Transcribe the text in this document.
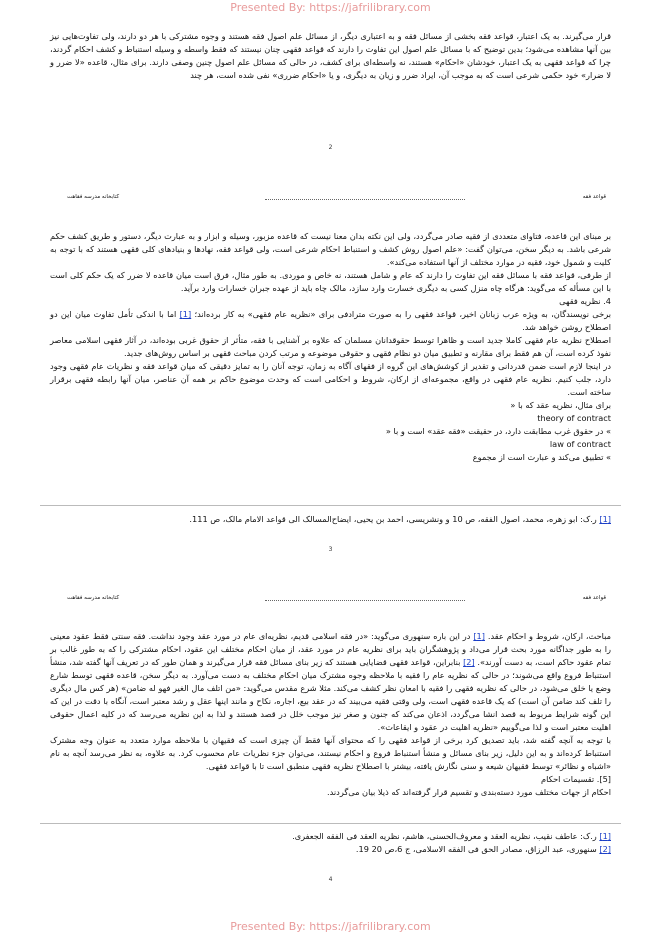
Presented By: https://jafrilibrary.com

قرار می‌گیرند. به یک اعتبار، قواعد فقه بخشی از مسائل فقه و به اعتباری دیگر، از مسائل علم اصول فقه هستند و وجوه مشترکی با هر دو دارند، ولی تفاوت‌هایی نیز بین آنها مشاهده می‌شود؛ بدین توضیح که با مسائل علم اصول این تفاوت را دارند که قواعد فقهی چنان نیستند که فقط واسطه و وسیله استنباط و کشف احکام گردند، چرا که قواعد فقهی به یک اعتبار، خودشان «احکام» هستند، نه واسطه‌ای برای کشف، در حالی که مسائل علم اصول چنین وصفی دارند. برای مثال، قاعده «لا ضرر و لا ضرار» خود حکمی شرعی است که به موجب آن، ایراد ضرر و زیان به دیگری، و یا «احکام ضرری» نفی شده است، هر چند

2
قواعد فقه
کتابخانه مدرسه فقاهت

بر مبنای این قاعده، فتاوای متعددی از فقیه صادر می‌گردد، ولی این نکته بدان معنا نیست که قاعده مزبور، وسیله و ابزار و به عبارت دیگر، دستور و طریق کشف حکم شرعی باشد. به دیگر سخن، می‌توان گفت: «علم اصول روش کشف و استنباط احکام شرعی است، ولی قواعد فقه، نهادها و بنیادهای کلی فقهی هستند که با توجه به کلیت و شمول خود، فقیه در موارد مختلف از آنها استفاده می‌کند».

از طرفی، قواعد فقه با مسائل فقه این تفاوت را دارند که عام و شامل هستند، نه خاص و موردی. به طور مثال، فرق است میان قاعده لا ضرر که یک حکم کلی است با این مسأله که می‌گوید: هرگاه چاه منزل کسی به دیگری خسارت وارد سازد، مالک چاه باید از عهده جبران خسارات وارد برآید.

4. نظریه فقهی

برخی نویسندگان، به ویژه عرب زبانان اخیر، قواعد فقهی را به صورت مترادفی برای «نظریه عام فقهی» به کار برده‌اند؛ [1] اما با اندکی تأمل تفاوت میان این دو اصطلاح روشن خواهد شد.

اصطلاح نظریه عام فقهی کاملا جدید است و ظاهرا توسط حقوقدانان مسلمان که علاوه بر آشنایی با فقه، متأثر از حقوق غربی بوده‌اند، در آثار فقهی اسلامی معاصر نفوذ کرده است، آن هم فقط برای مقارنه و تطبیق میان دو نظام فقهی و حقوقی موضوعه و مرتب کردن مباحث فقهی بر اساس روش‌های جدید.

در اینجا لازم است ضمن قدردانی و تقدیر از کوشش‌های این گروه از فقهای آگاه به زمان، توجه آنان را به تمایز دقیقی که میان قواعد فقه و نظریات عام فقهی وجود دارد، جلب کنیم. نظریه عام فقهی در واقع، مجموعه‌ای از ارکان، شروط و احکامی است که وحدت موضوع حاکم بر همه آن عناصر، میان آنها رابطه فقهی برقرار ساخته است.

برای مثال، نظریه عقد که با «

theory of contract

» در حقوق غرب مطابقت دارد، در حقیقت «فقه عقد» است و با «

law of contract

» تطبیق می‌کند و عبارت است از مجموع

[1] ر.ک: ابو زهره، محمد، اصول الفقه، ص 10 و ونشریسی، احمد بن یحیی، ایضاح‌المسالک الی قواعد الامام مالک، ص 111.

3
قواعد فقه
کتابخانه مدرسه فقاهت

مباحث، ارکان، شروط و احکام عقد. [1] در این باره سنهوری می‌گوید: «در فقه اسلامی قدیم، نظریه‌ای عام در مورد عقد وجود نداشت. فقه سنتی فقط عقود معینی را به طور جداگانه مورد بحث قرار می‌داد و پژوهشگران باید برای نظریه عام در مورد عقد، از میان احکام مختلف این عقود، احکام مشترکی را که به طور غالب بر تمام عقود حاکم است، به دست آورند». [2] بنابراین، قواعد فقهی قضایایی هستند که زیر بنای مسائل فقه قرار می‌گیرند و همان طور که در تعریف آنها گفته شد، منشأ استنباط فروع واقع می‌شوند؛ در حالی که نظریه عام را فقیه با ملاحظه وجوه مشترک میان احکام مختلف به دست می‌آورد. به دیگر سخن، قاعده فقهی توسط شارع وضع یا خلق می‌شود، در حالی که نظریه فقهی را فقیه با امعان نظر کشف می‌کند. مثلا شرع مقدس می‌گوید: «من اتلف مال الغیر فهو له ضامن» (هر کس مال دیگری را تلف کند ضامن آن است) که یک قاعده فقهی است، ولی وقتی فقیه می‌بیند که در عقد بیع، اجاره، نکاح و مانند اینها عقل و رشد معتبر است، آنگاه با دقت در این که این گونه شرایط مربوط به قصد انشا می‌گردد، اذعان می‌کند که جنون و صغر نیز موجب خلل در قصد هستند و لذا به این نظریه می‌رسد که در کلیه اعمال حقوقی اهلیت معتبر است و لذا می‌گوییم «نظریه اهلیت در عقود و ایقاعات».

با توجه به آنچه گفته شد، باید تصدیق کرد برخی از قواعد فقهی را که محتوای آنها فقط آن چیزی است که فقیهان با ملاحظه موارد متعدد به عنوان وجه مشترک استنباط کرده‌اند و به این دلیل، زیر بنای مسائل و منشأ استنباط فروع و احکام نیستند، می‌توان جزء نظریات عام محسوب کرد. به علاوه، به نظر می‌رسد آنچه به نام «اشباه و نظائر» توسط فقیهان شیعه و سنی نگارش یافته، بیشتر با اصطلاح نظریه فقهی منطبق است تا با قواعد فقهی.

[5]. تقسیمات احکام

احکام از جهات مختلف مورد دسته‌بندی و تقسیم قرار گرفته‌اند که ذیلا بیان می‌گردند.

[1] ر.ک: عاطف نقیب، نظریه العقد و معروف‌الحسنی، هاشم، نظریه العقد فی الفقه الجعفری.

[2] سنهوری، عبد الرزاق، مصادر الحق فی الفقه الاسلامی، ج 6،ص 20 19.

4
Presented By: https://jafrilibrary.com
